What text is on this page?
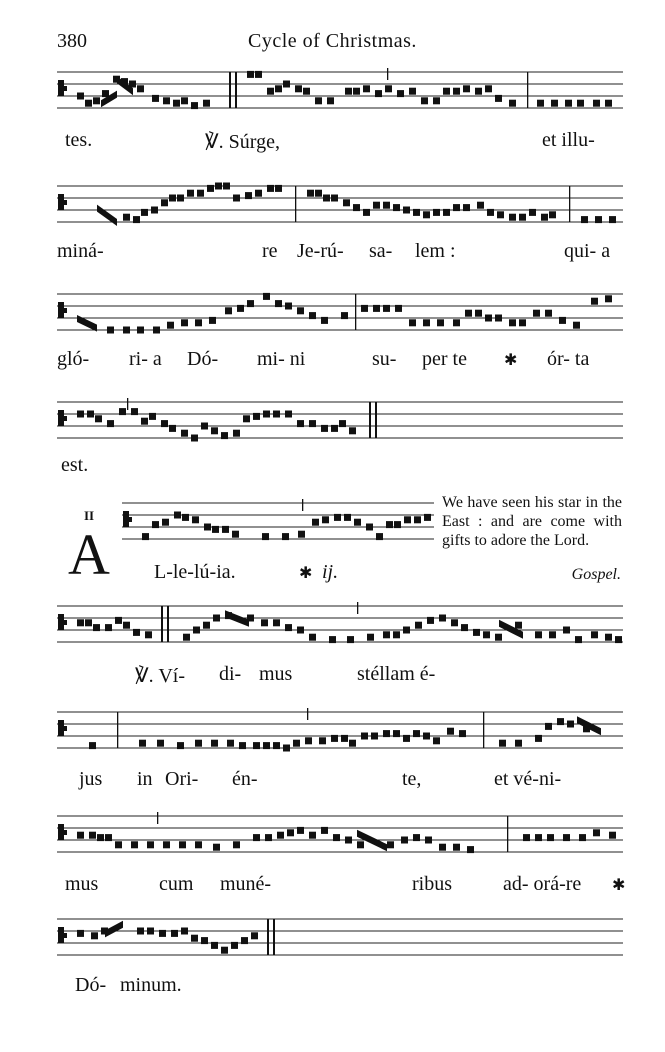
380	Cycle of Christmas.
tes.	℣. Súrge,	et illu-
miná-	re Je-rú- sa- lem :	qui- a
gló- ri- a Dó- mi- ni	su- per te ✱ ór- ta
est.
II
A L-le-lú-ia.	✱ ij.
We have seen his star in the East : and are come with gifts to adore the Lord.
Gospel.
℣. Ví- di- mus	stéllam é-
jus in Ori- én-	te,	et vé-ni-
mus	cum muné-	ribus	ad- orá-re ✱
Dó- minum.
